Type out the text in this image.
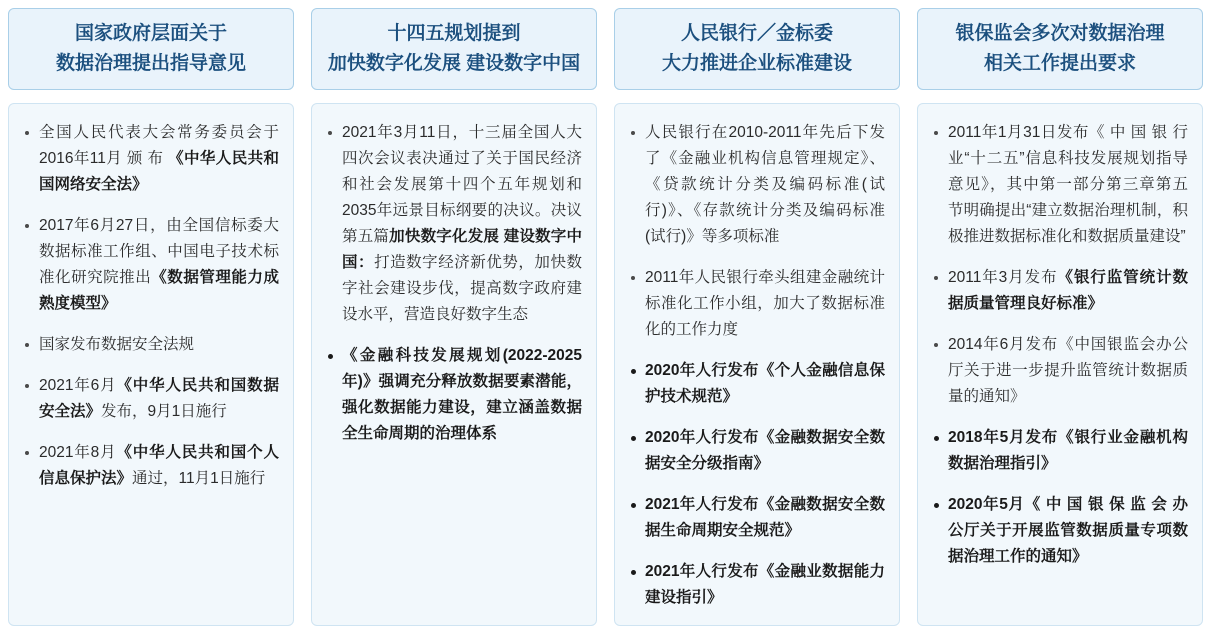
国家政府层面关于
数据治理提出指导意见
全国人民代表大会常务委员会于2016年11月 颁 布 《中华人民共和国网络安全法》
2017年6月27日，由全国信标委大数据标准工作组、中国电子技术标准化研究院推出《数据管理能力成熟度模型》
国家发布数据安全法规
2021年6月《中华人民共和国数据安全法》发布，9月1日施行
2021年8月《中华人民共和国个人信息保护法》通过，11月1日施行
十四五规划提到
加快数字化发展 建设数字中国
2021年3月11日，十三届全国人大四次会议表决通过了关于国民经济和社会发展第十四个五年规划和2035年远景目标纲要的决议。决议第五篇加快数字化发展 建设数字中国：打造数字经济新优势，加快数字社会建设步伐，提高数字政府建设水平，营造良好数字生态
《金融科技发展规划(2022-2025年)》强调充分释放数据要素潜能，强化数据能力建设，建立涵盖数据全生命周期的治理体系
人民银行／金标委
大力推进企业标准建设
人民银行在2010-2011年先后下发了《金融业机构信息管理规定》、《贷款统计分类及编码标准(试行)》、《存款统计分类及编码标准(试行)》等多项标准
2011年人民银行牵头组建金融统计标准化工作小组，加大了数据标准化的工作力度
2020年人行发布《个人金融信息保护技术规范》
2020年人行发布《金融数据安全数据安全分级指南》
2021年人行发布《金融数据安全数据生命周期安全规范》
2021年人行发布《金融业数据能力建设指引》
银保监会多次对数据治理
相关工作提出要求
2011年1月31日发布《 中 国 银 行业“十二五”信息科技发展规划指导意见》，其中第一部分第三章第五节明确提出“建立数据治理机制，积极推进数据标准化和数据质量建设”
2011年3月发布《银行监管统计数据质量管理良好标准》
2014年6月发布《中国银监会办公厅关于进一步提升监管统计数据质量的通知》
2018年5月发布《银行业金融机构数据治理指引》
2020年5月《 中 国 银 保 监 会 办公厅关于开展监管数据质量专项数据治理工作的通知》
